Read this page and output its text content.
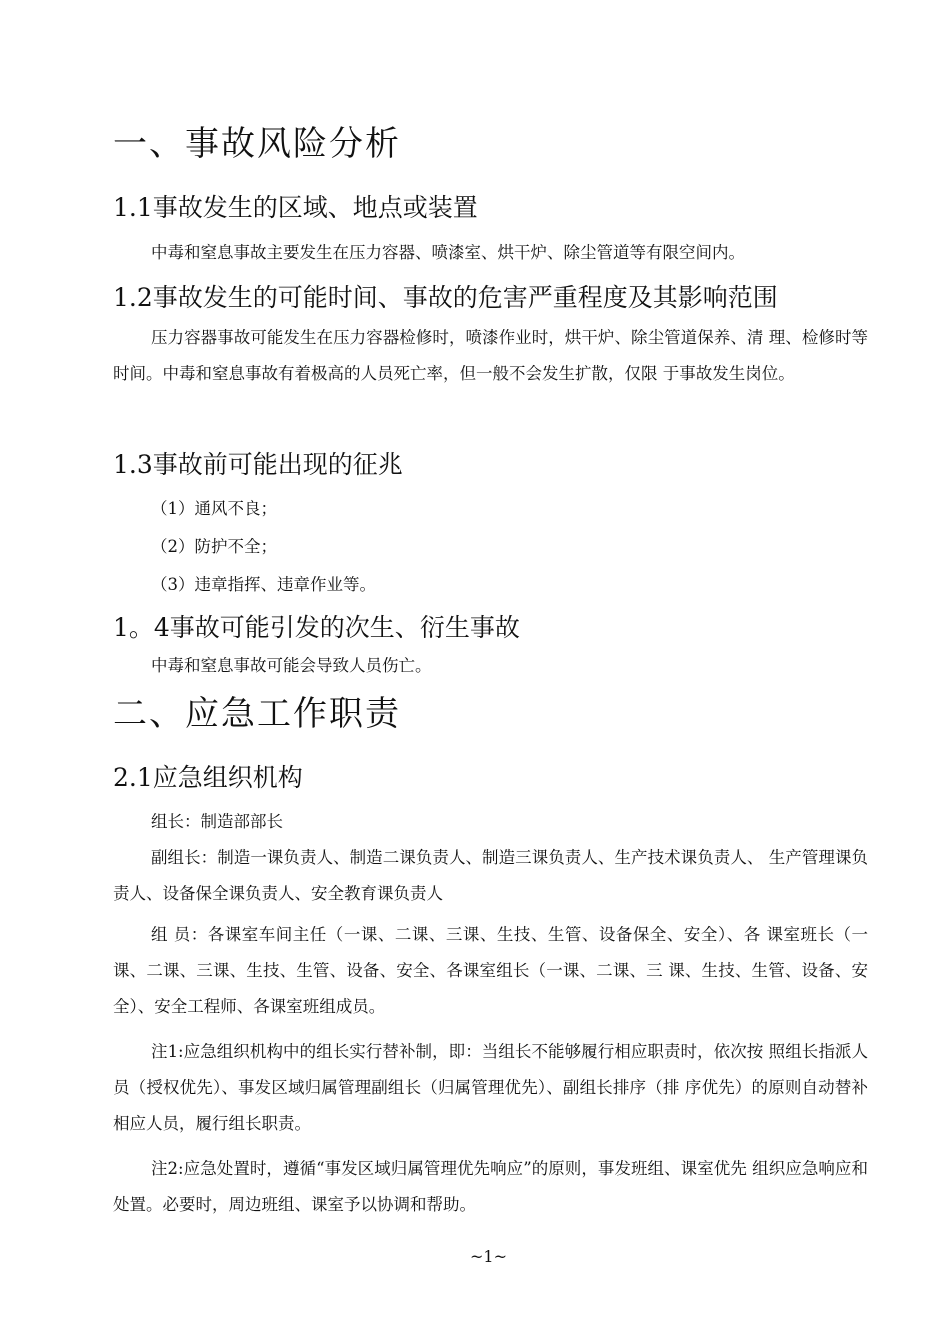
一、事故风险分析
1.1事故发生的区域、地点或装置
中毒和窒息事故主要发生在压力容器、喷漆室、烘干炉、除尘管道等有限空间内。
1.2事故发生的可能时间、事故的危害严重程度及其影响范围
压力容器事故可能发生在压力容器检修时，喷漆作业时，烘干炉、除尘管道保养、清 理、检修时等时间。中毒和窒息事故有着极高的人员死亡率，但一般不会发生扩散，仅限 于事故发生岗位。
1.3事故前可能出现的征兆
（1）通风不良；
（2）防护不全；
（3）违章指挥、违章作业等。
1。4事故可能引发的次生、衍生事故
中毒和窒息事故可能会导致人员伤亡。
二、应急工作职责
2.1应急组织机构
组长：制造部部长
副组长：制造一课负责人、制造二课负责人、制造三课负责人、生产技术课负责人、 生产管理课负责人、设备保全课负责人、安全教育课负责人
组 员：各课室车间主任（一课、二课、三课、生技、生管、设备保全、安全）、各 课室班长（一课、二课、三课、生技、生管、设备、安全、各课室组长（一课、二课、三 课、生技、生管、设备、安全）、安全工程师、各课室班组成员。
注1:应急组织机构中的组长实行替补制，即：当组长不能够履行相应职责时，依次按 照组长指派人员（授权优先）、事发区域归属管理副组长（归属管理优先）、副组长排序（排 序优先）的原则自动替补相应人员，履行组长职责。
注2:应急处置时，遵循“事发区域归属管理优先响应”的原则，事发班组、课室优先 组织应急响应和处置。必要时，周边班组、课室予以协调和帮助。
~1~
